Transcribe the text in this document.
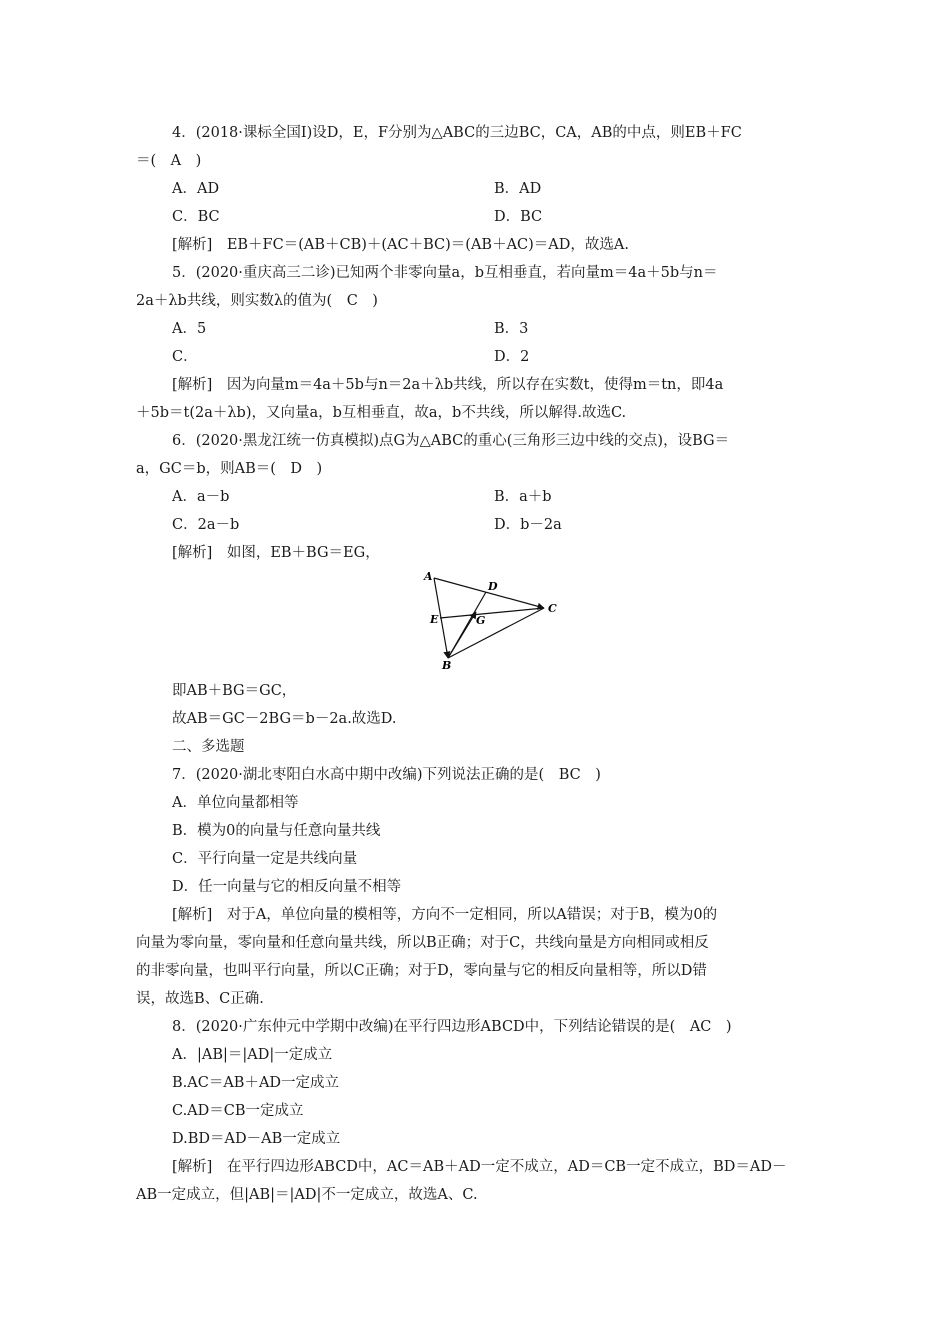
4．(2018·课标全国Ⅰ)设D，E，F分别为△ABC的三边BC，CA，AB的中点，则EB＋FC
＝(　A　)
A．AD	B．AD
C．BC	D．BC
[解析]　EB＋FC＝(AB＋CB)＋(AC＋BC)＝(AB＋AC)＝AD，故选A.
5．(2020·重庆高三二诊)已知两个非零向量a，b互相垂直，若向量m＝4a＋5b与n＝
2a＋λb共线，则实数λ的值为(　C　)
A．5	B．3
C．	D．2
[解析]　因为向量m＝4a＋5b与n＝2a＋λb共线，所以存在实数t，使得m＝tn，即4a
＋5b＝t(2a＋λb)，又向量a，b互相垂直，故a，b不共线，所以解得.故选C.
6．(2020·黑龙江统一仿真模拟)点G为△ABC的重心(三角形三边中线的交点)，设BG＝
a，GC＝b，则AB＝(　D　)
A．a－b	B．a＋b
C．2a－b	D．b－2a
[解析]　如图，EB＋BG＝EG，
A
D
C
E	G
B
即AB＋BG＝GC，
故AB＝GC－2BG＝b－2a.故选D.
二、多选题
7．(2020·湖北枣阳白水高中期中改编)下列说法正确的是(　BC　)
A．单位向量都相等
B．模为0的向量与任意向量共线
C．平行向量一定是共线向量
D．任一向量与它的相反向量不相等
[解析]　对于A，单位向量的模相等，方向不一定相同，所以A错误；对于B，模为0的
向量为零向量，零向量和任意向量共线，所以B正确；对于C，共线向量是方向相同或相反
的非零向量，也叫平行向量，所以C正确；对于D，零向量与它的相反向量相等，所以D错
误，故选B、C正确.
8．(2020·广东仲元中学期中改编)在平行四边形ABCD中，下列结论错误的是(　AC　)
A．|AB|＝|AD|一定成立
B.AC＝AB＋AD一定成立
C.AD＝CB一定成立
D.BD＝AD－AB一定成立
[解析]　在平行四边形ABCD中，AC＝AB＋AD一定不成立，AD＝CB一定不成立，BD＝AD－
AB一定成立，但|AB|＝|AD|不一定成立，故选A、C.
